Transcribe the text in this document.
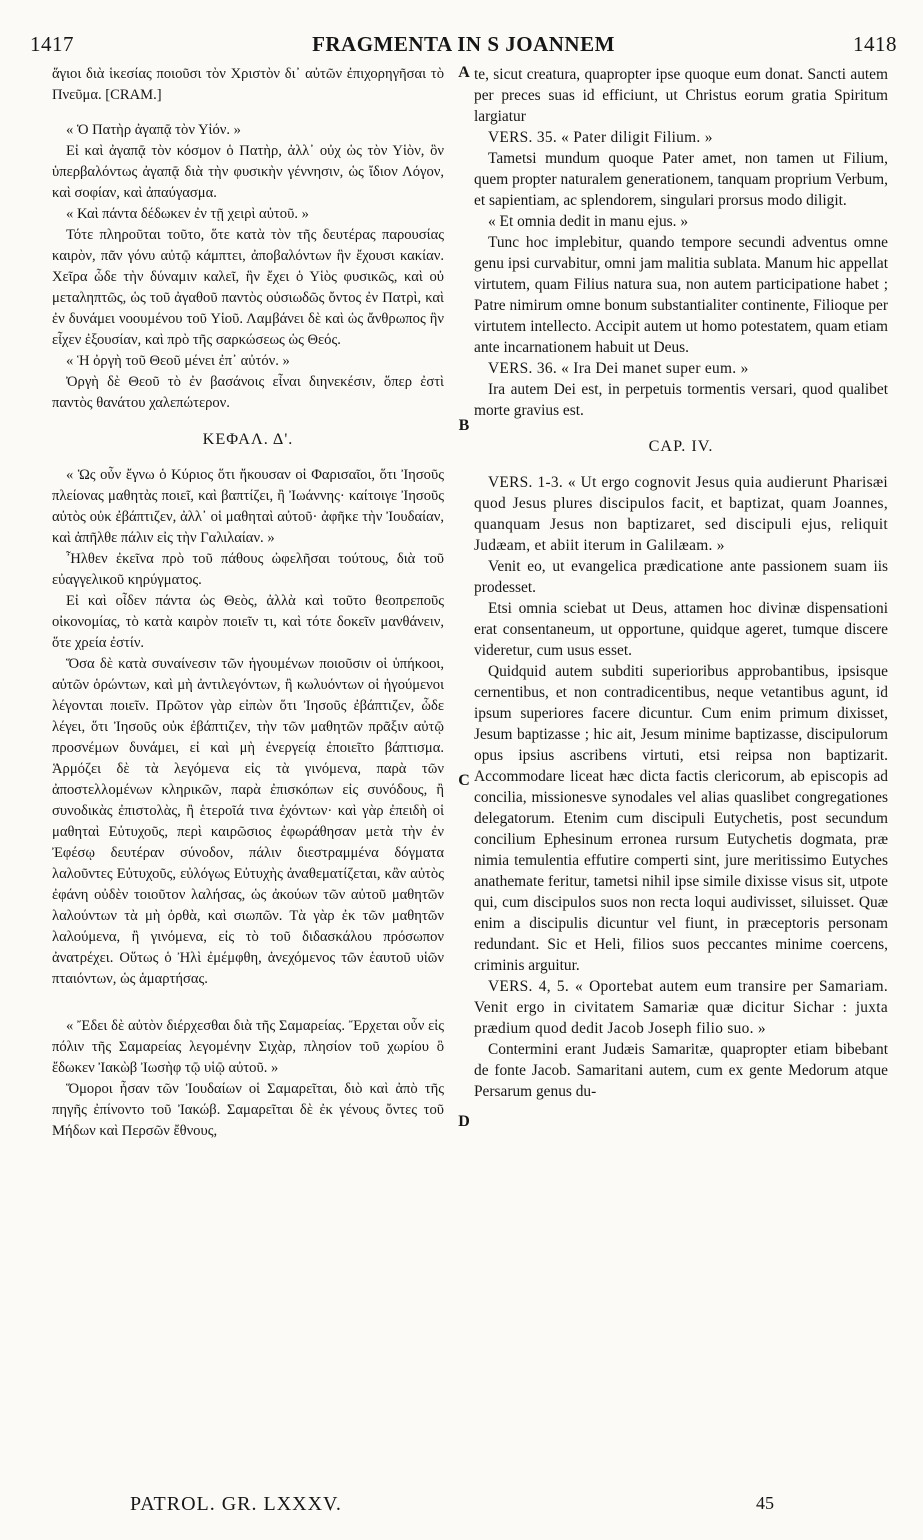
1417	FRAGMENTA IN S JOANNEM	1418

ἅγιοι διὰ ἱκεσίας ποιοῦσι τὸν Χριστὸν δι᾽ αὐτῶν ἐπιχορηγῆσαι τὸ Πνεῦμα. [CRAM.]

« Ὁ Πατὴρ ἀγαπᾷ τὸν Υἱόν. »

Εἰ καὶ ἀγαπᾷ τὸν κόσμον ὁ Πατὴρ, ἀλλ᾽ οὐχ ὡς τὸν Υἱὸν, ὃν ὑπερβαλόντως ἀγαπᾷ διὰ τὴν φυσικὴν γέννησιν, ὡς ἴδιον Λόγον, καὶ σοφίαν, καὶ ἀπαύγασμα.

« Καὶ πάντα δέδωκεν ἐν τῇ χειρὶ αὐτοῦ. »

Τότε πληροῦται τοῦτο, ὅτε κατὰ τὸν τῆς δευτέρας παρουσίας καιρὸν, πᾶν γόνυ αὐτῷ κάμπτει, ἀποβαλόντων ἣν ἔχουσι κακίαν. Χεῖρα ὧδε τὴν δύναμιν καλεῖ, ἣν ἔχει ὁ Υἱὸς φυσικῶς, καὶ οὐ μεταληπτῶς, ὡς τοῦ ἀγαθοῦ παντὸς οὐσιωδῶς ὄντος ἐν Πατρὶ, καὶ ἐν δυνάμει νοουμένου τοῦ Υἱοῦ. Λαμβάνει δὲ καὶ ὡς ἄνθρωπος ἣν εἶχεν ἐξουσίαν, καὶ πρὸ τῆς σαρκώσεως ὡς Θεός.

« Ἡ ὀργὴ τοῦ Θεοῦ μένει ἐπ᾽ αὐτόν. »

Ὀργὴ δὲ Θεοῦ τὸ ἐν βασάνοις εἶναι διηνεκέσιν, ὅπερ ἐστὶ παντὸς θανάτου χαλεπώτερον.

ΚΕΦΑΛ. Δ'.

« Ὡς οὖν ἔγνω ὁ Κύριος ὅτι ἤκουσαν οἱ Φαρισαῖοι, ὅτι Ἰησοῦς πλείονας μαθητὰς ποιεῖ, καὶ βαπτίζει, ἢ Ἰωάννης· καίτοιγε Ἰησοῦς αὐτὸς οὐκ ἐβάπτιζεν, ἀλλ᾽ οἱ μαθηταὶ αὐτοῦ· ἀφῆκε τὴν Ἰουδαίαν, καὶ ἀπῆλθε πάλιν εἰς τὴν Γαλιλαίαν. »

Ἦλθεν ἐκεῖνα πρὸ τοῦ πάθους ὠφελῆσαι τούτους, διὰ τοῦ εὐαγγελικοῦ κηρύγματος.

Εἰ καὶ οἶδεν πάντα ὡς Θεὸς, ἀλλὰ καὶ τοῦτο θεοπρεποῦς οἰκονομίας, τὸ κατὰ καιρὸν ποιεῖν τι, καὶ τότε δοκεῖν μανθάνειν, ὅτε χρεία ἐστίν.

Ὅσα δὲ κατὰ συναίνεσιν τῶν ἡγουμένων ποιοῦσιν οἱ ὑπήκοοι, αὐτῶν ὁρώντων, καὶ μὴ ἀντιλεγόντων, ἢ κωλυόντων οἱ ἡγούμενοι λέγονται ποιεῖν. Πρῶτον γὰρ εἰπὼν ὅτι Ἰησοῦς ἐβάπτιζεν, ὧδε λέγει, ὅτι Ἰησοῦς οὐκ ἐβάπτιζεν, τὴν τῶν μαθητῶν πρᾶξιν αὐτῷ προσνέμων δυνάμει, εἰ καὶ μὴ ἐνεργείᾳ ἐποιεῖτο βάπτισμα. Ἁρμόζει δὲ τὰ λεγόμενα εἰς τὰ γινόμενα, παρὰ τῶν ἀποστελλομένων κληρικῶν, παρὰ ἐπισκόπων εἰς συνόδους, ἢ συνοδικὰς ἐπιστολὰς, ἢ ἑτεροῖά τινα ἐχόντων· καὶ γὰρ ἐπειδὴ οἱ μαθηταὶ Εὐτυχοῦς, περὶ καιρῶσιος ἐφωράθησαν μετὰ τὴν ἐν Ἐφέσῳ δευτέραν σύνοδον, πάλιν διεστραμμένα δόγματα λαλοῦντες Εὐτυχοῦς, εὐλόγως Εὐτυχὴς ἀναθεματίζεται, κἂν αὐτὸς ἐφάνη οὐδὲν τοιοῦτον λαλήσας, ὡς ἀκούων τῶν αὐτοῦ μαθητῶν λαλούντων τὰ μὴ ὀρθὰ, καὶ σιωπῶν. Τὰ γὰρ ἐκ τῶν μαθητῶν λαλούμενα, ἢ γινόμενα, εἰς τὸ τοῦ διδασκάλου πρόσωπον ἀνατρέχει. Οὕτως ὁ Ἠλὶ ἐμέμφθη, ἀνεχόμενος τῶν ἑαυτοῦ υἱῶν πταιόντων, ὡς ἁμαρτήσας.

« Ἔδει δὲ αὐτὸν διέρχεσθαι διὰ τῆς Σαμαρείας. Ἔρχεται οὖν εἰς πόλιν τῆς Σαμαρείας λεγομένην Σιχὰρ, πλησίον τοῦ χωρίου ὃ ἔδωκεν Ἰακὼβ Ἰωσὴφ τῷ υἱῷ αὐτοῦ. »

Ὅμοροι ἦσαν τῶν Ἰουδαίων οἱ Σαμαρεῖται, διὸ καὶ ἀπὸ τῆς πηγῆς ἐπίνοντο τοῦ Ἰακώβ. Σαμαρεῖται δὲ ἐκ γένους ὄντες τοῦ Μήδων καὶ Περσῶν ἔθνους,

A
B
C
D

te, sicut creatura, quapropter ipse quoque eum donat. Sancti autem per preces suas id efficiunt, ut Christus eorum gratia Spiritum largiatur

VERS. 35. « Pater diligit Filium. »

Tametsi mundum quoque Pater amet, non tamen ut Filium, quem propter naturalem generationem, tanquam proprium Verbum, et sapientiam, ac splendorem, singulari prorsus modo diligit.

« Et omnia dedit in manu ejus. »

Tunc hoc implebitur, quando tempore secundi adventus omne genu ipsi curvabitur, omni jam malitia sublata. Manum hic appellat virtutem, quam Filius natura sua, non autem participatione habet ; Patre nimirum omne bonum substantialiter continente, Filioque per virtutem intellecto. Accipit autem ut homo potestatem, quam etiam ante incarnationem habuit ut Deus.

VERS. 36. « Ira Dei manet super eum. »

Ira autem Dei est, in perpetuis tormentis versari, quod qualibet morte gravius est.

CAP. IV.

VERS. 1-3. « Ut ergo cognovit Jesus quia audierunt Pharisæi quod Jesus plures discipulos facit, et baptizat, quam Joannes, quanquam Jesus non baptizaret, sed discipuli ejus, reliquit Judæam, et abiit iterum in Galilæam. »

Venit eo, ut evangelica prædicatione ante passionem suam iis prodesset.

Etsi omnia sciebat ut Deus, attamen hoc divinæ dispensationi erat consentaneum, ut opportune, quidque ageret, tumque discere videretur, cum usus esset.

Quidquid autem subditi superioribus approbantibus, ipsisque cernentibus, et non contradicentibus, neque vetantibus agunt, id ipsum superiores facere dicuntur. Cum enim primum dixisset, Jesum baptizasse ; hic ait, Jesum minime baptizasse, discipulorum opus ipsius ascribens virtuti, etsi reipsa non baptizarit. Accommodare liceat hæc dicta factis clericorum, ab episcopis ad concilia, missionesve synodales vel alias quaslibet congregationes delegatorum. Etenim cum discipuli Eutychetis, post secundum concilium Ephesinum erronea rursum Eutychetis dogmata, præ nimia temulentia effutire comperti sint, jure meritissimo Eutyches anathemate feritur, tametsi nihil ipse simile dixisse visus sit, utpote qui, cum discipulos suos non recta loqui audivisset, siluisset. Quæ enim a discipulis dicuntur vel fiunt, in præceptoris personam redundant. Sic et Heli, filios suos peccantes minime coercens, criminis arguitur.

VERS. 4, 5. « Oportebat autem eum transire per Samariam. Venit ergo in civitatem Samariæ quæ dicitur Sichar : juxta prædium quod dedit Jacob Joseph filio suo. »

Contermini erant Judæis Samaritæ, quapropter etiam bibebant de fonte Jacob. Samaritani autem, cum ex gente Medorum atque Persarum genus du-

PATROL. GR. LXXXV.	45
